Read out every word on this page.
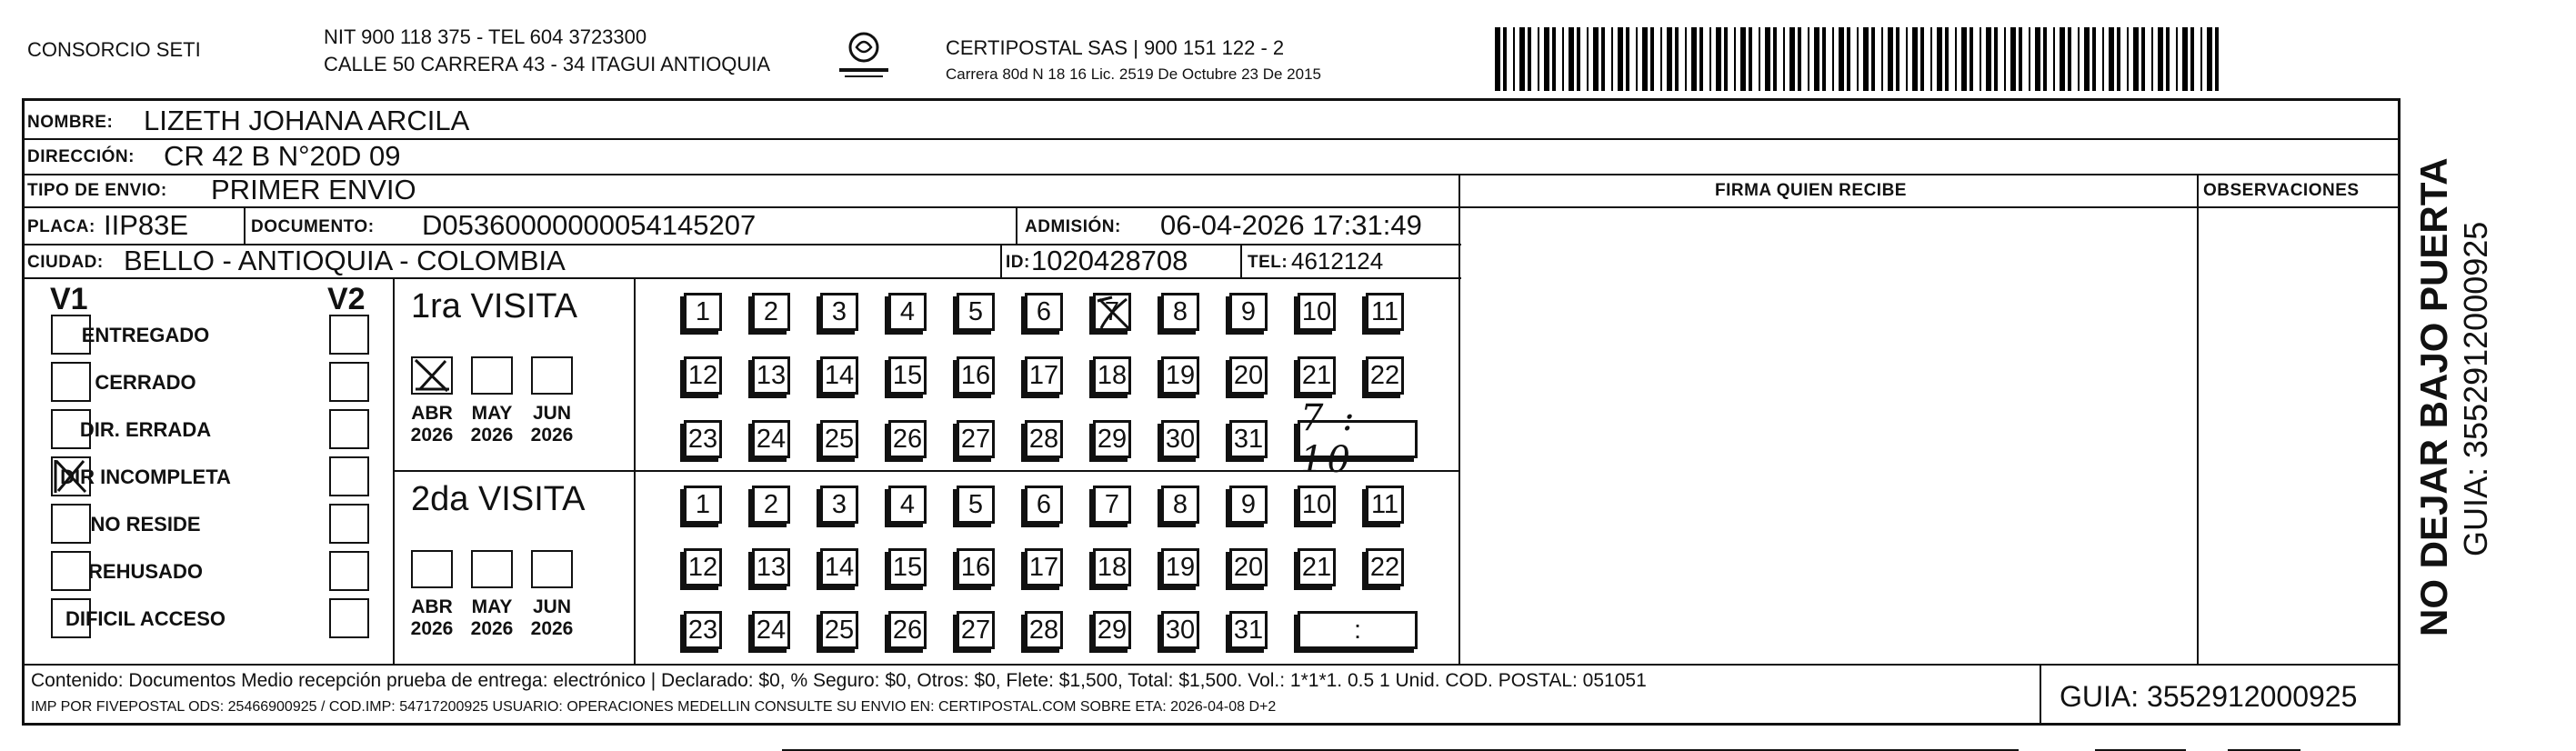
CONSORCIO SETI
NIT 900 118 375 - TEL 604 3723300
CALLE 50 CARRERA 43 - 34 ITAGUI ANTIOQUIA
CERTIPOSTAL SAS | 900 151 122 - 2
Carrera 80d N 18 16 Lic. 2519 De Octubre 23 De 2015
NOMBRE: LIZETH JOHANA ARCILA
DIRECCIÓN: CR 42 B N°20D 09
TIPO DE ENVIO: PRIMER ENVIO	FIRMA QUIEN RECIBE	OBSERVACIONES
PLACA: IIP83E	DOCUMENTO: D05360000000054145207	ADMISIÓN: 06-04-2026 17:31:49
CIUDAD: BELLO - ANTIOQUIA - COLOMBIA	ID: 1020428708	TEL: 4612124
V1	V2
ENTREGADO
CERRADO
DIR. ERRADA
DIR INCOMPLETA
NO RESIDE
REHUSADO
DIFICIL ACCESO
1ra VISITA
2da VISITA
ABR
2026
MAY
2026
JUN
2026
ABR
2026
MAY
2026
JUN
2026
1 2 3 4 5 6 7 8 9 10 11
12 13 14 15 16 17 18 19 20 21 22
23 24 25 26 27 28 29 30 31 7 : 10
1 2 3 4 5 6 7 8 9 10 11
12 13 14 15 16 17 18 19 20 21 22
23 24 25 26 27 28 29 30 31	:
Contenido: Documentos Medio recepción prueba de entrega: electrónico | Declarado: $0, % Seguro: $0, Otros: $0, Flete: $1,500, Total: $1,500. Vol.: 1*1*1. 0.5 1 Unid. COD. POSTAL: 051051
IMP POR FIVEPOSTAL ODS: 25466900925 / COD.IMP: 54717200925 USUARIO: OPERACIONES MEDELLIN CONSULTE SU ENVIO EN: CERTIPOSTAL.COM SOBRE ETA: 2026-04-08 D+2	GUIA: 3552912000925
NO DEJAR BAJO PUERTA GUIA: 3552912000925
